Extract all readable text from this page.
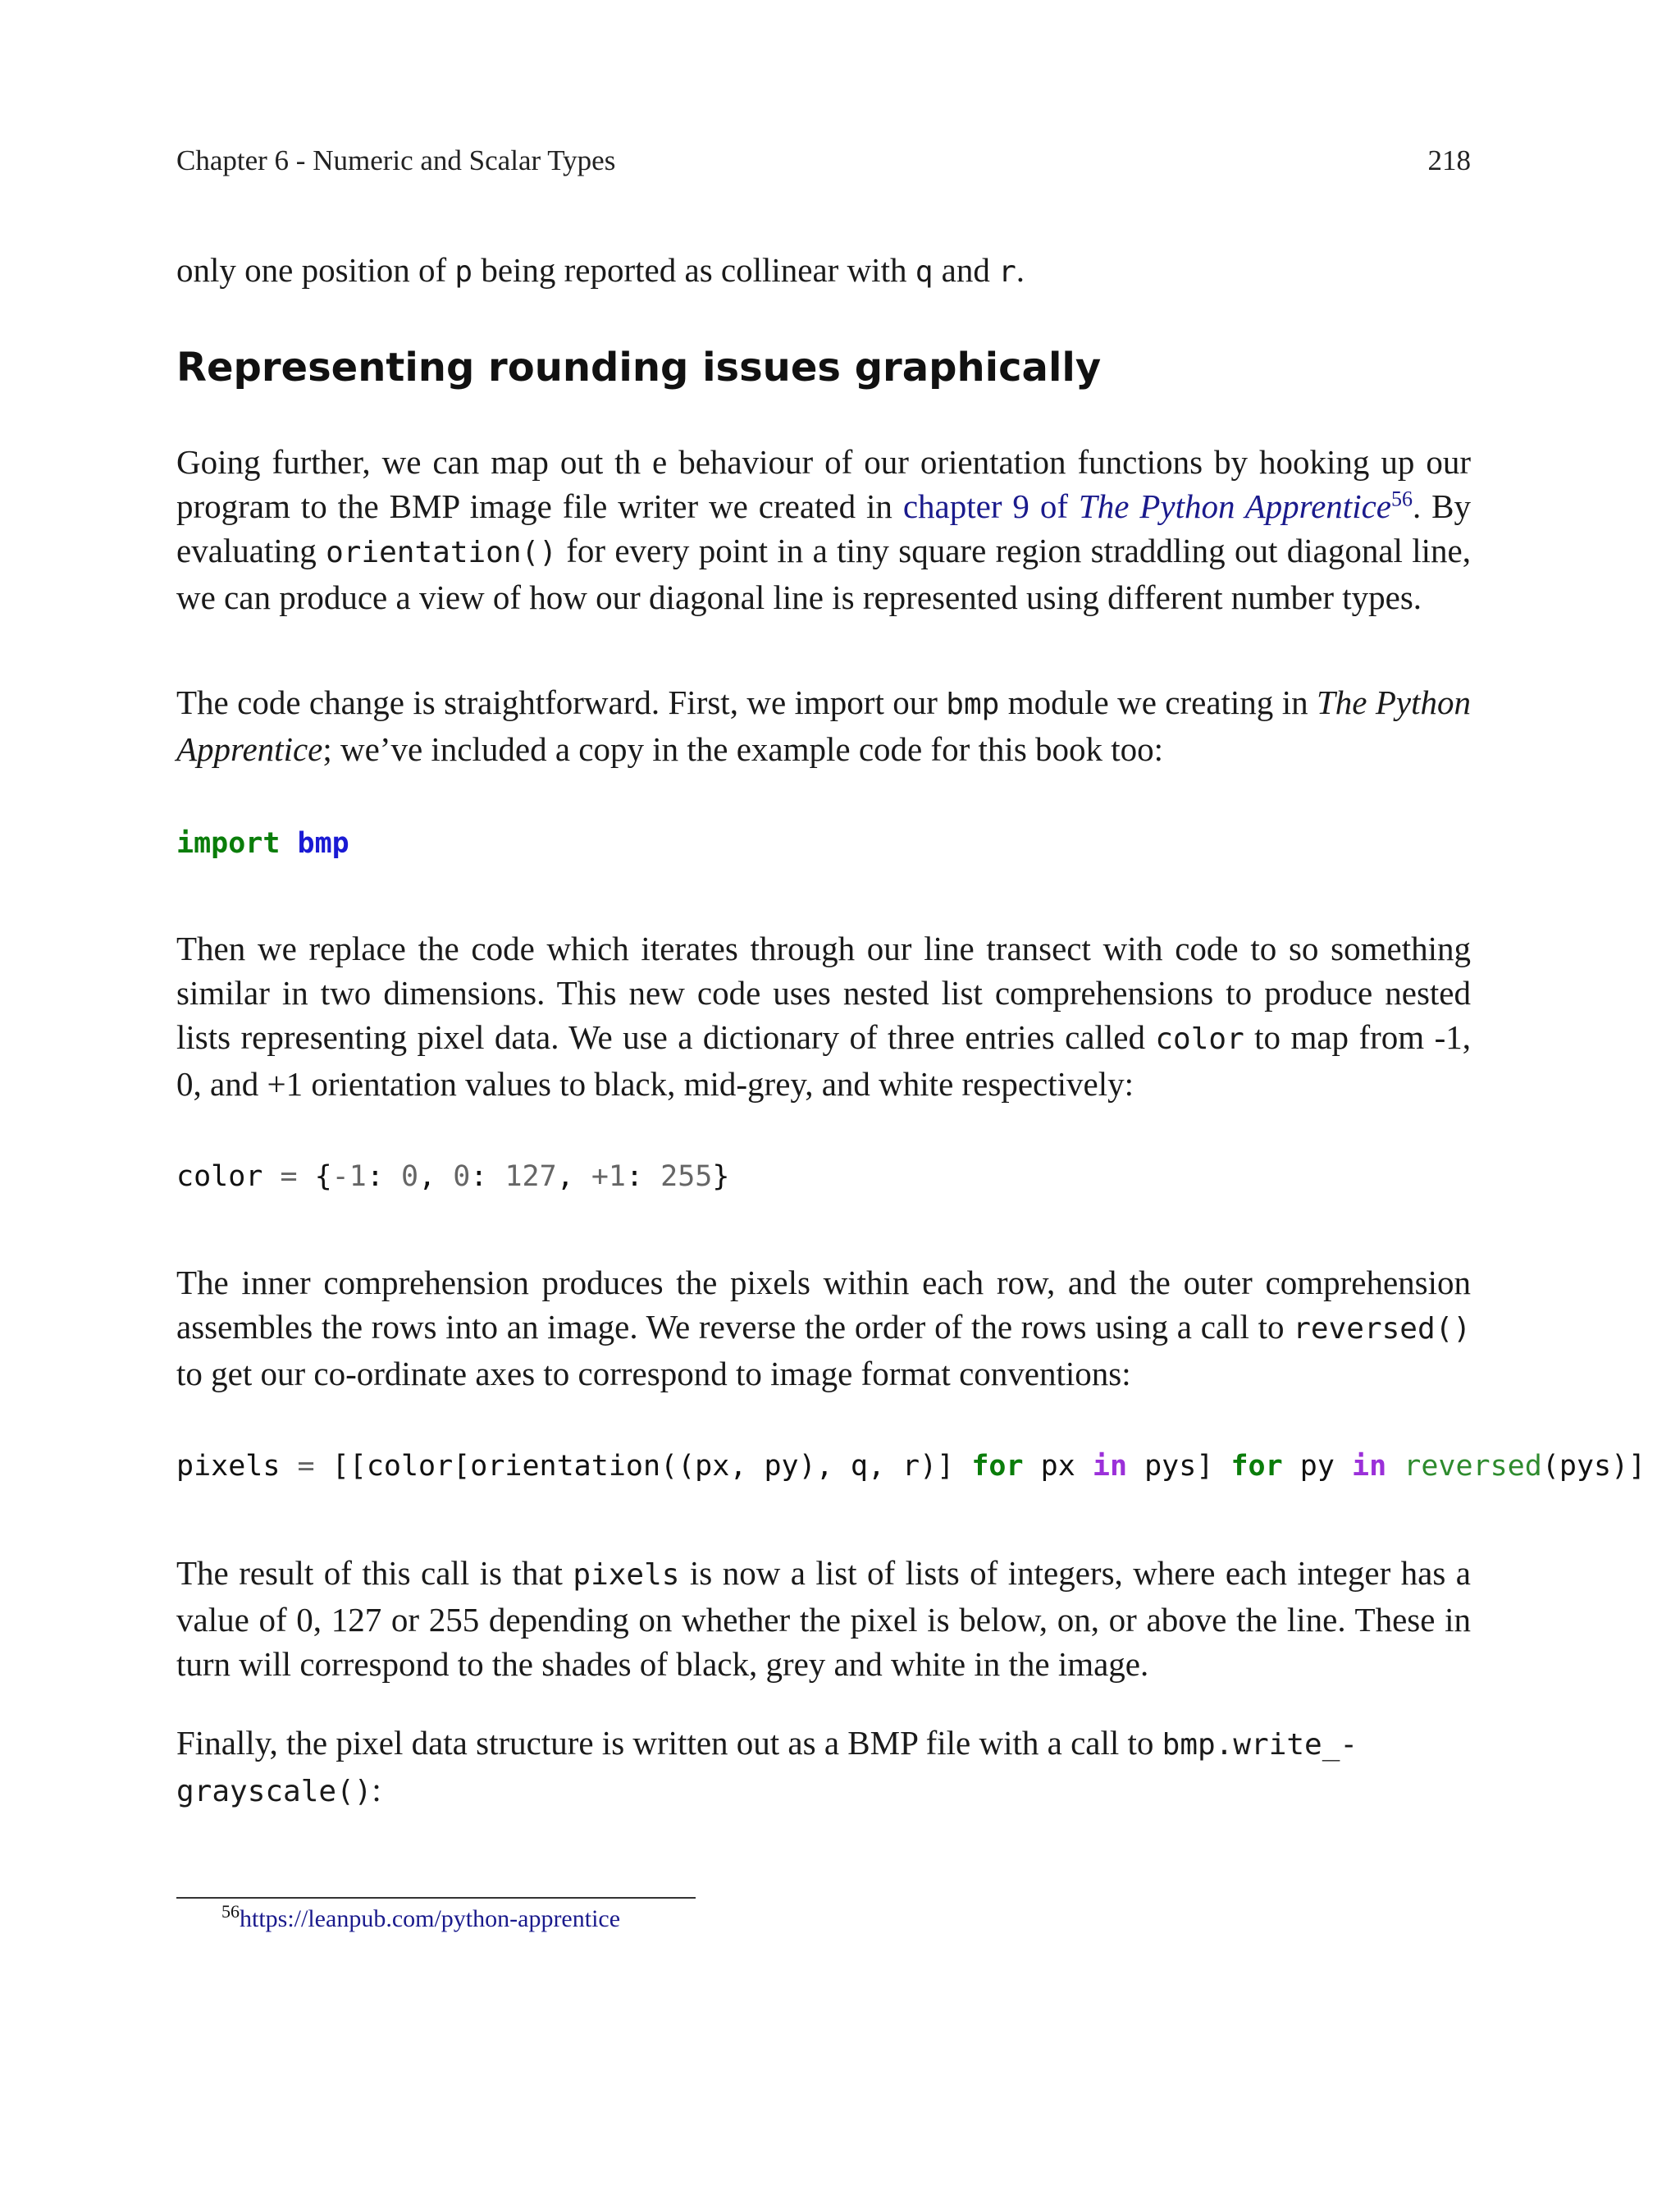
Chapter 6 - Numeric and Scalar Types	218
only one position of p being reported as collinear with q and r.
Representing rounding issues graphically
Going further, we can map out th e behaviour of our orientation functions by hooking up our program to the BMP image file writer we created in chapter 9 of The Python Apprentice$^{56}$. By evaluating orientation() for every point in a tiny square region straddling out diagonal line, we can produce a view of how our diagonal line is represented using different number types.
The code change is straightforward. First, we import our bmp module we creating in The Python Apprentice; we’ve included a copy in the example code for this book too:
import bmp
Then we replace the code which iterates through our line transect with code to so something similar in two dimensions. This new code uses nested list comprehensions to produce nested lists representing pixel data. We use a dictionary of three entries called color to map from -1, 0, and +1 orientation values to black, mid-grey, and white respectively:
color = {-1: 0, 0: 127, +1: 255}
The inner comprehension produces the pixels within each row, and the outer comprehension assembles the rows into an image. We reverse the order of the rows using a call to reversed() to get our co-ordinate axes to correspond to image format conventions:
pixels = [[color[orientation((px, py), q, r)] for px in pys] for py in reversed(pys)]
The result of this call is that pixels is now a list of lists of integers, where each integer has a value of 0, 127 or 255 depending on whether the pixel is below, on, or above the line. These in turn will correspond to the shades of black, grey and white in the image.
Finally, the pixel data structure is written out as a BMP file with a call to bmp.write_-
grayscale():
$^{56}$https://leanpub.com/python-apprentice
